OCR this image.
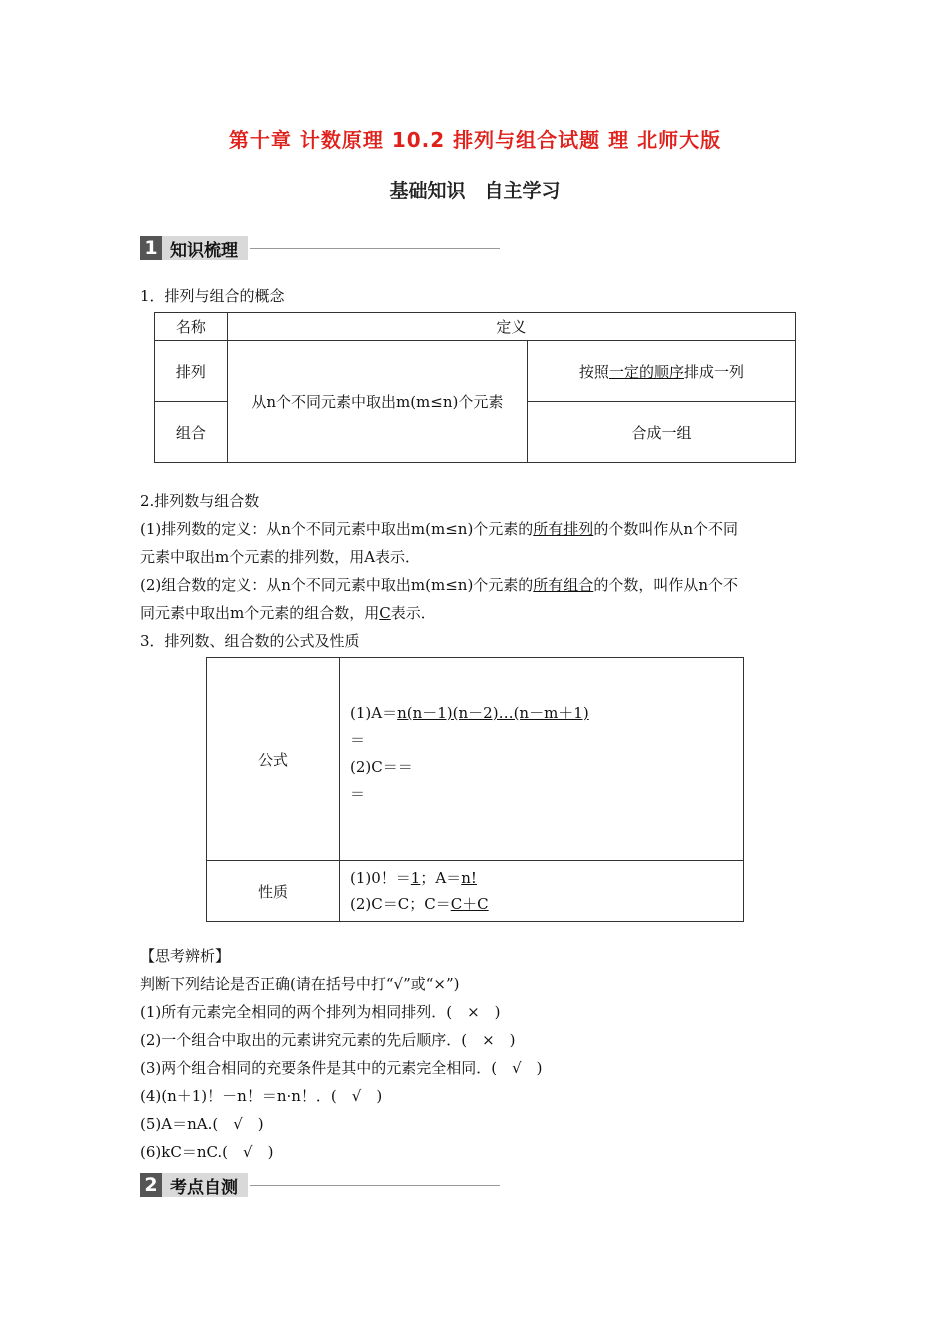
第十章 计数原理 10.2 排列与组合试题 理 北师大版
基础知识　自主学习
1 知识梳理
1．排列与组合的概念
名称	定义	
排列	从n个不同元素中取出m(m≤n)个元素	按照一定的顺序排成一列
组合		合成一组
2.排列数与组合数
(1)排列数的定义：从n个不同元素中取出m(m≤n)个元素的所有排列的个数叫作从n个不同
元素中取出m个元素的排列数，用A表示．
(2)组合数的定义：从n个不同元素中取出m(m≤n)个元素的所有组合的个数，叫作从n个不
同元素中取出m个元素的组合数，用C表示．
3．排列数、组合数的公式及性质
公式	(1)A＝n(n－1)(n－2)…(n－m＋1)
＝
(2)C＝＝
＝

性质	(1)0！＝1；A＝n!
(2)C＝C；C＝C＋C
【思考辨析】
判断下列结论是否正确(请在括号中打“√”或“×”)
(1)所有元素完全相同的两个排列为相同排列．(　×　)
(2)一个组合中取出的元素讲究元素的先后顺序．(　×　)
(3)两个组合相同的充要条件是其中的元素完全相同．(　√　)
(4)(n＋1)！－n！＝n·n！．(　√　)
(5)A＝nA.(　√　)
(6)kC＝nC.(　√　)
2 考点自测
